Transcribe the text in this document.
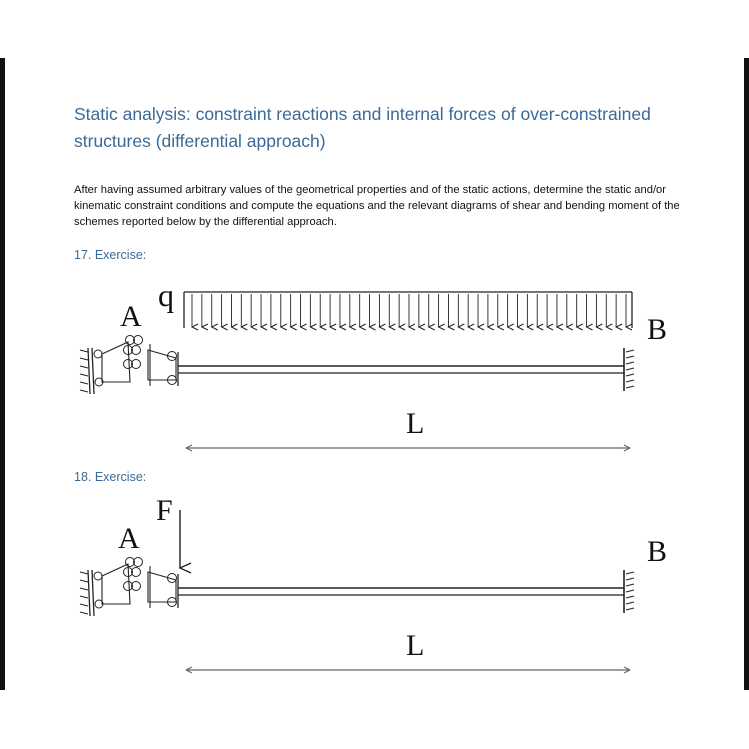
Static analysis: constraint reactions and internal forces of over-constrained structures (differential approach)

After having assumed arbitrary values of the geometrical properties and of the static actions, determine the static and/or kinematic constraint conditions and compute the equations and the relevant diagrams of shear and bending moment of the schemes reported below by the differential approach.

17. Exercise:

A
q
B
L

18. Exercise:

A
F
B
L
